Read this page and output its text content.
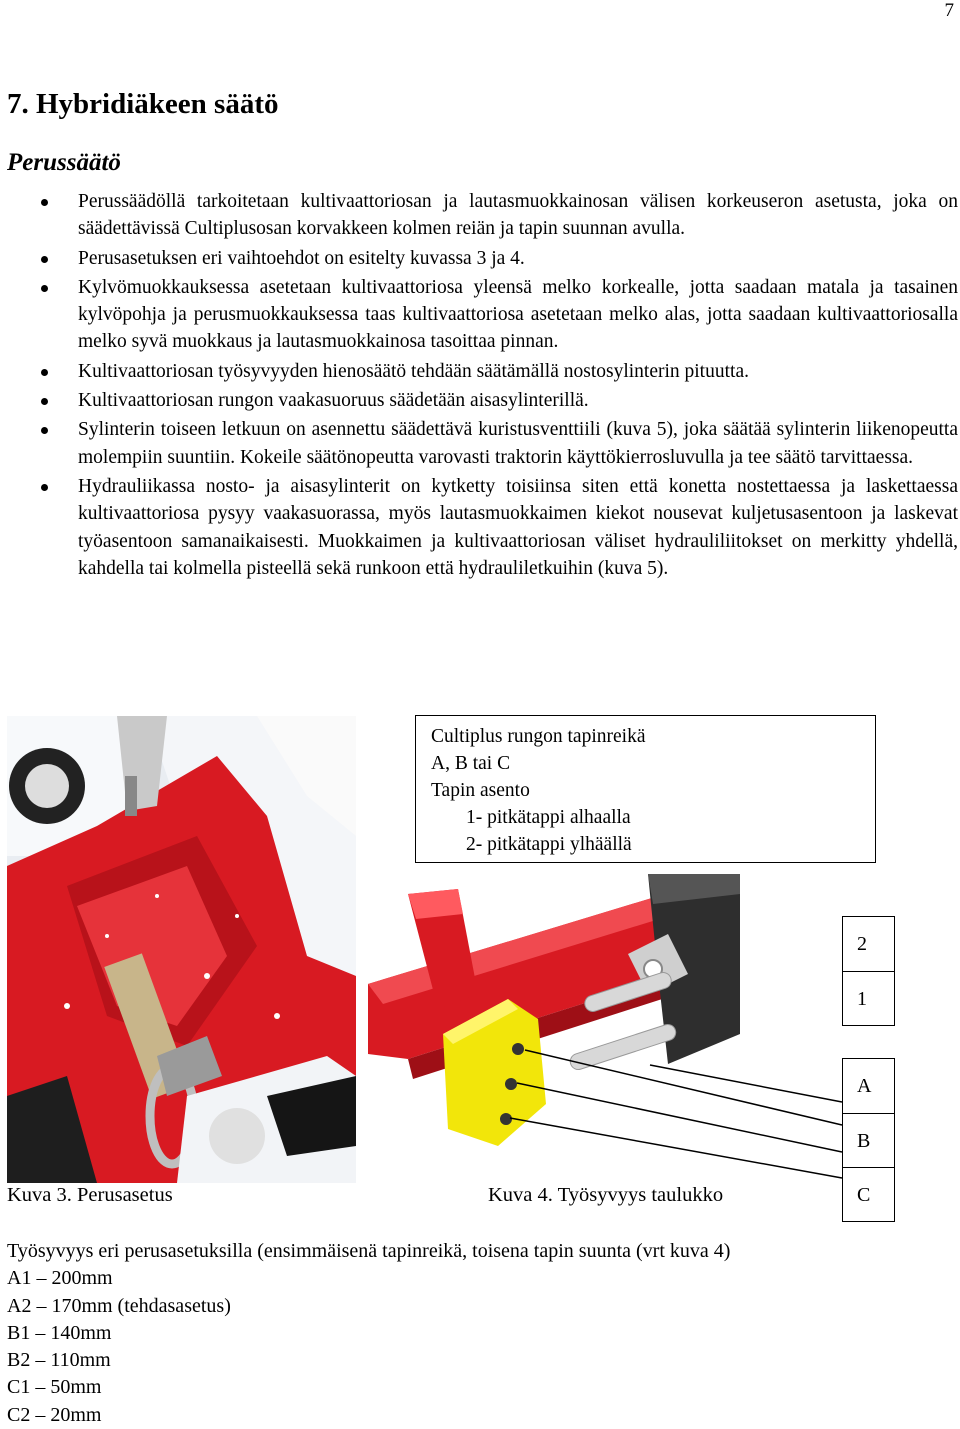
7
7. Hybridiäkeen säätö
Perussäätö
Perussäädöllä tarkoitetaan kultivaattoriosan ja lautasmuokkainosan välisen korkeuseron asetusta, joka on säädettävissä Cultiplusosan korvakkeen kolmen reiän ja tapin suunnan avulla.
Perusasetuksen eri vaihtoehdot on esitelty kuvassa 3 ja 4.
Kylvömuokkauksessa asetetaan kultivaattoriosa yleensä melko korkealle, jotta saadaan matala ja tasainen kylvöpohja ja perusmuokkauksessa taas kultivaattoriosa asetetaan melko alas, jotta saadaan kultivaattoriosalla melko syvä muokkaus ja lautasmuokkainosa tasoittaa pinnan.
Kultivaattoriosan työsyvyyden hienosäätö tehdään säätämällä nostosylinterin pituutta.
Kultivaattoriosan rungon vaakasuoruus säädetään aisasylinterillä.
Sylinterin toiseen letkuun on asennettu säädettävä kuristusventtiili (kuva 5), joka säätää sylinterin liikenopeutta molempiin suuntiin. Kokeile säätönopeutta varovasti traktorin käyttökierrosluvulla ja tee säätö tarvittaessa.
Hydrauliikassa nosto- ja aisasylinterit on kytketty toisiinsa siten että konetta nostettaessa ja laskettaessa kultivaattoriosa pysyy vaakasuorassa, myös lautasmuokkaimen kiekot nousevat kuljetusasentoon ja laskevat työasentoon samanaikaisesti. Muokkaimen ja kultivaattoriosan väliset hydrauliliitokset on merkitty yhdellä, kahdella tai kolmella pisteellä sekä runkoon että hydrauliletkuihin (kuva 5).
Cultiplus rungon tapinreikä
A, B tai C
Tapin asento
1- pitkätappi alhaalla
2- pitkätappi ylhäällä
2
1
A
B
C
Kuva 3. Perusasetus	Kuva 4. Työsyvyys taulukko
Työsyvyys eri perusasetuksilla (ensimmäisenä tapinreikä, toisena tapin suunta (vrt kuva 4)
A1 – 200mm
A2 – 170mm (tehdasasetus)
B1 – 140mm
B2 – 110mm
C1 – 50mm
C2 – 20mm
